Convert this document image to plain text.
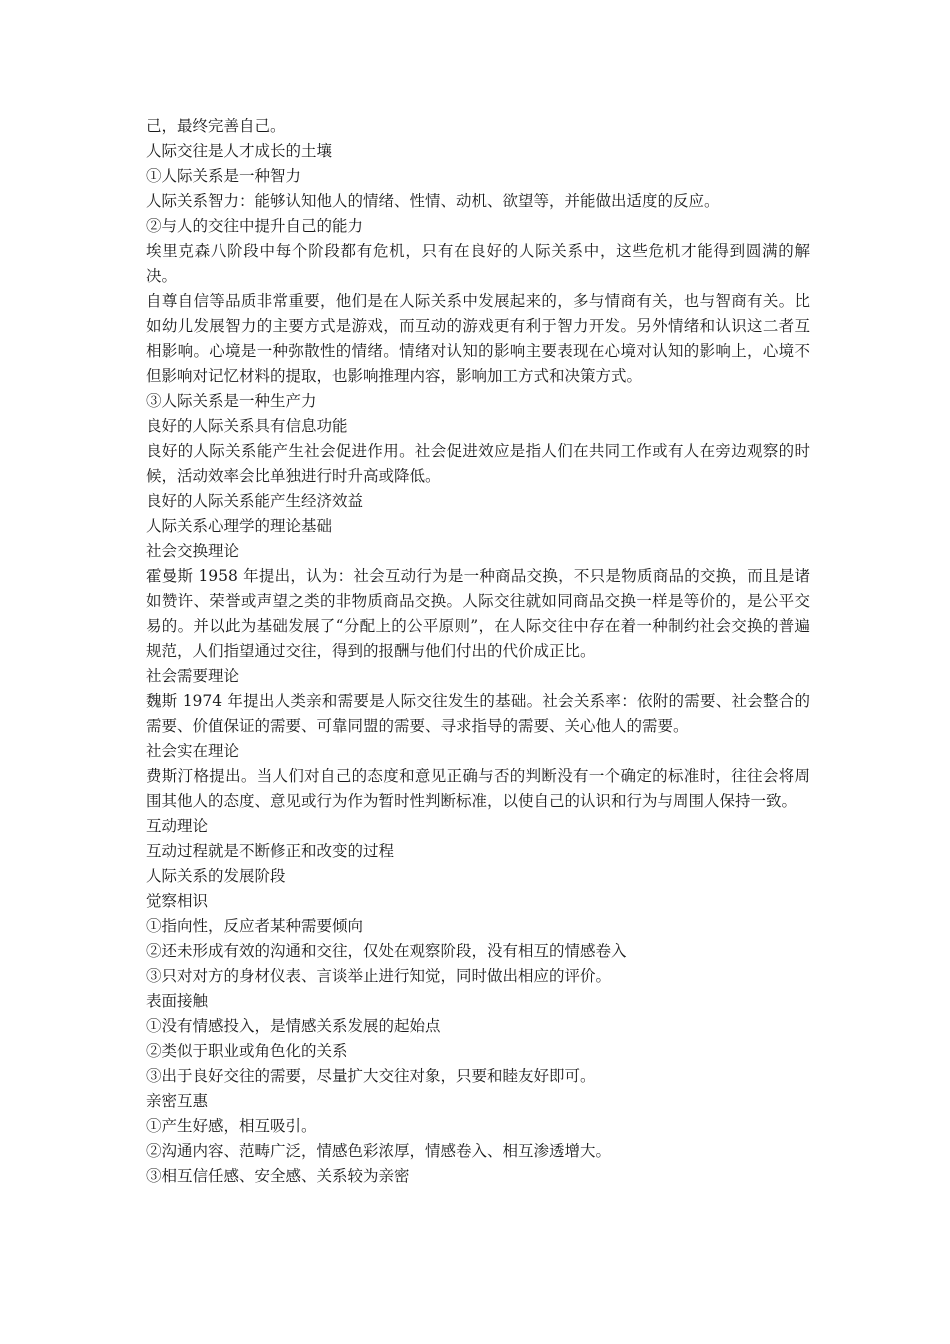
己，最终完善自己。

人际交往是人才成长的土壤

①人际关系是一种智力

人际关系智力：能够认知他人的情绪、性情、动机、欲望等，并能做出适度的反应。

②与人的交往中提升自己的能力

埃里克森八阶段中每个阶段都有危机，只有在良好的人际关系中，这些危机才能得到圆满的解决。

自尊自信等品质非常重要，他们是在人际关系中发展起来的，多与情商有关，也与智商有关。比如幼儿发展智力的主要方式是游戏，而互动的游戏更有利于智力开发。另外情绪和认识这二者互相影响。心境是一种弥散性的情绪。情绪对认知的影响主要表现在心境对认知的影响上，心境不但影响对记忆材料的提取，也影响推理内容，影响加工方式和决策方式。

③人际关系是一种生产力

良好的人际关系具有信息功能

良好的人际关系能产生社会促进作用。社会促进效应是指人们在共同工作或有人在旁边观察的时候，活动效率会比单独进行时升高或降低。

良好的人际关系能产生经济效益

人际关系心理学的理论基础

社会交换理论

霍曼斯 1958 年提出，认为：社会互动行为是一种商品交换，不只是物质商品的交换，而且是诸如赞许、荣誉或声望之类的非物质商品交换。人际交往就如同商品交换一样是等价的，是公平交易的。并以此为基础发展了“分配上的公平原则”，在人际交往中存在着一种制约社会交换的普遍规范，人们指望通过交往，得到的报酬与他们付出的代价成正比。

社会需要理论

魏斯 1974 年提出人类亲和需要是人际交往发生的基础。社会关系率：依附的需要、社会整合的需要、价值保证的需要、可靠同盟的需要、寻求指导的需要、关心他人的需要。

社会实在理论

费斯汀格提出。当人们对自己的态度和意见正确与否的判断没有一个确定的标准时，往往会将周围其他人的态度、意见或行为作为暂时性判断标准，以使自己的认识和行为与周围人保持一致。

互动理论

互动过程就是不断修正和改变的过程

人际关系的发展阶段

觉察相识

①指向性，反应者某种需要倾向

②还未形成有效的沟通和交往，仅处在观察阶段，没有相互的情感卷入

③只对对方的身材仪表、言谈举止进行知觉，同时做出相应的评价。

表面接触

①没有情感投入，是情感关系发展的起始点

②类似于职业或角色化的关系

③出于良好交往的需要，尽量扩大交往对象，只要和睦友好即可。

亲密互惠

①产生好感，相互吸引。

②沟通内容、范畴广泛，情感色彩浓厚，情感卷入、相互渗透增大。

③相互信任感、安全感、关系较为亲密
